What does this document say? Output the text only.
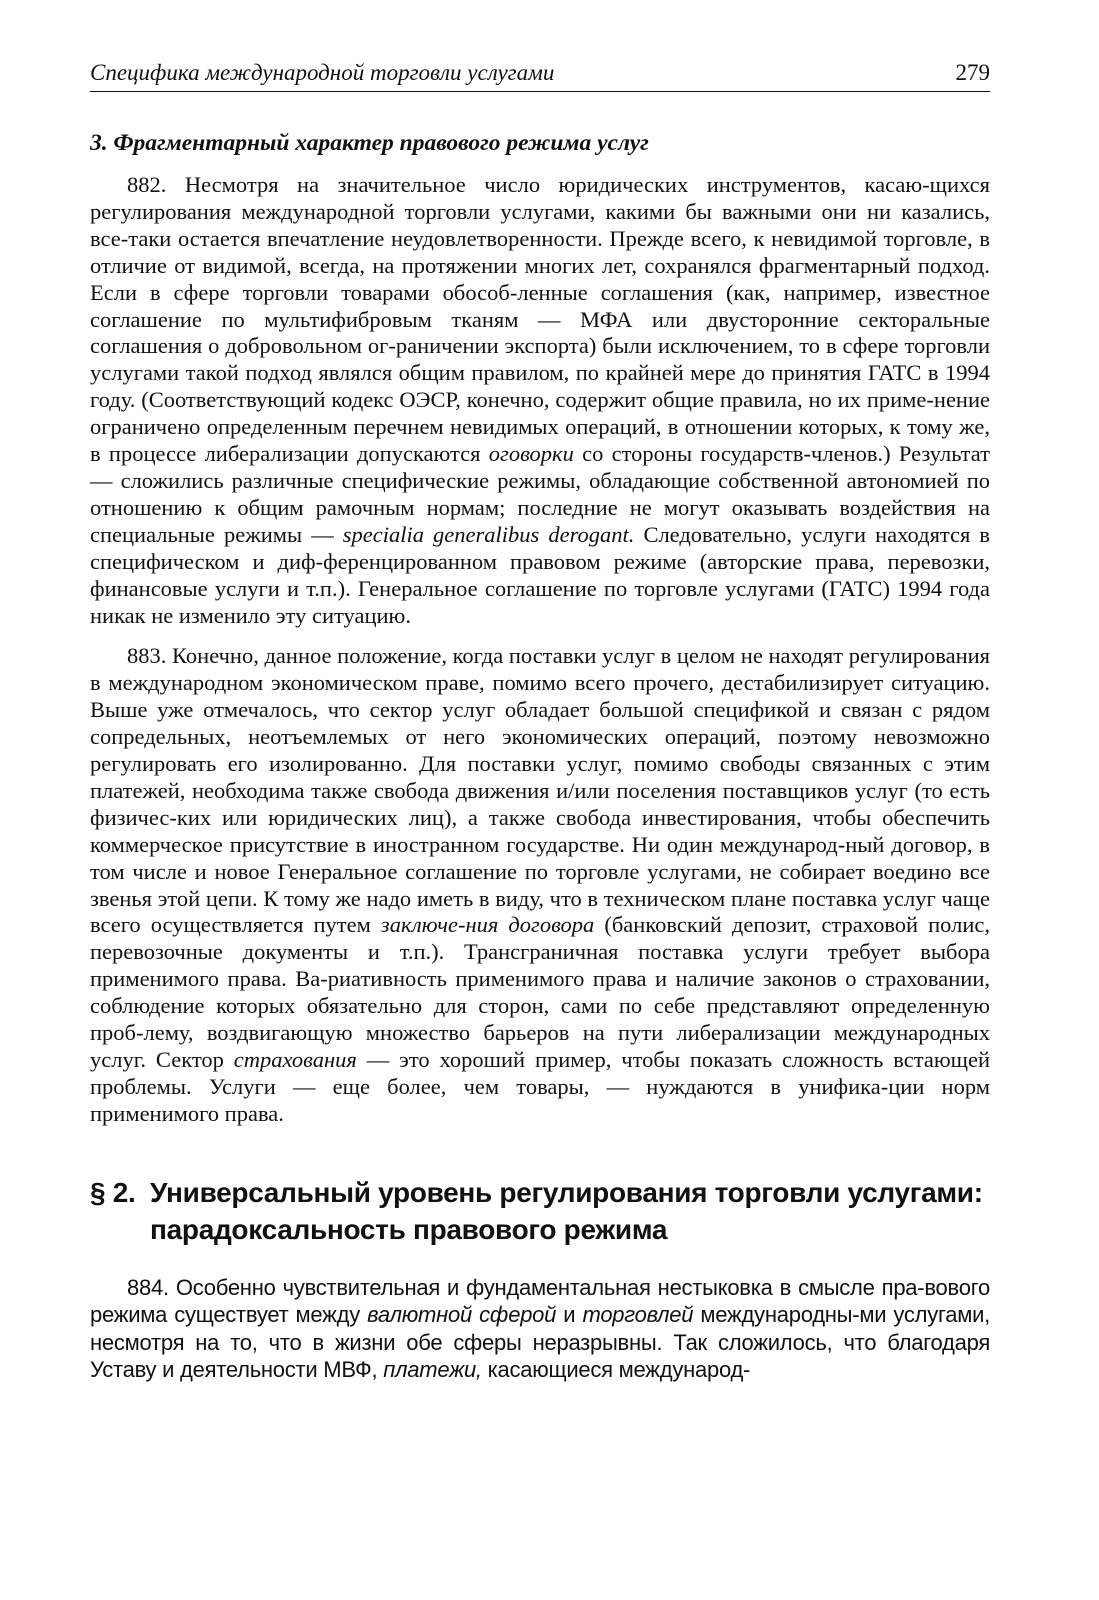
Специфика международной торговли услугами	279
3. Фрагментарный характер правового режима услуг

882. Несмотря на значительное число юридических инструментов, касаю-щихся регулирования международной торговли услугами, какими бы важными они ни казались, все-таки остается впечатление неудовлетворенности. Прежде всего, к невидимой торговле, в отличие от видимой, всегда, на протяжении многих лет, сохранялся фрагментарный подход. Если в сфере торговли товарами обособ-ленные соглашения (как, например, известное соглашение по мультифибровым тканям — МФА или двусторонние секторальные соглашения о добровольном ог-раничении экспорта) были исключением, то в сфере торговли услугами такой подход являлся общим правилом, по крайней мере до принятия ГАТС в 1994 году. (Соответствующий кодекс ОЭСР, конечно, содержит общие правила, но их приме-нение ограничено определенным перечнем невидимых операций, в отношении которых, к тому же, в процессе либерализации допускаются оговорки со стороны государств-членов.) Результат — сложились различные специфические режимы, обладающие собственной автономией по отношению к общим рамочным нормам; последние не могут оказывать воздействия на специальные режимы — specialia generalibus derogant. Следовательно, услуги находятся в специфическом и диф-ференцированном правовом режиме (авторские права, перевозки, финансовые услуги и т.п.). Генеральное соглашение по торговле услугами (ГАТС) 1994 года никак не изменило эту ситуацию.

883. Конечно, данное положение, когда поставки услуг в целом не находят регулирования в международном экономическом праве, помимо всего прочего, дестабилизирует ситуацию. Выше уже отмечалось, что сектор услуг обладает большой спецификой и связан с рядом сопредельных, неотъемлемых от него экономических операций, поэтому невозможно регулировать его изолированно. Для поставки услуг, помимо свободы связанных с этим платежей, необходима также свобода движения и/или поселения поставщиков услуг (то есть физичес-ких или юридических лиц), а также свобода инвестирования, чтобы обеспечить коммерческое присутствие в иностранном государстве. Ни один международ-ный договор, в том числе и новое Генеральное соглашение по торговле услугами, не собирает воедино все звенья этой цепи. К тому же надо иметь в виду, что в техническом плане поставка услуг чаще всего осуществляется путем заключе-ния договора (банковский депозит, страховой полис, перевозочные документы и т.п.). Трансграничная поставка услуги требует выбора применимого права. Ва-риативность применимого права и наличие законов о страховании, соблюдение которых обязательно для сторон, сами по себе представляют определенную проб-лему, воздвигающую множество барьеров на пути либерализации международных услуг. Сектор страхования — это хороший пример, чтобы показать сложность встающей проблемы. Услуги — еще более, чем товары, — нуждаются в унифика-ции норм применимого права.

§ 2. Универсальный уровень регулирования торговли услугами: парадоксальность правового режима

884. Особенно чувствительная и фундаментальная нестыковка в смысле пра-вового режима существует между валютной сферой и торговлей международны-ми услугами, несмотря на то, что в жизни обе сферы неразрывны. Так сложилось, что благодаря Уставу и деятельности МВФ, платежи, касающиеся международ-
